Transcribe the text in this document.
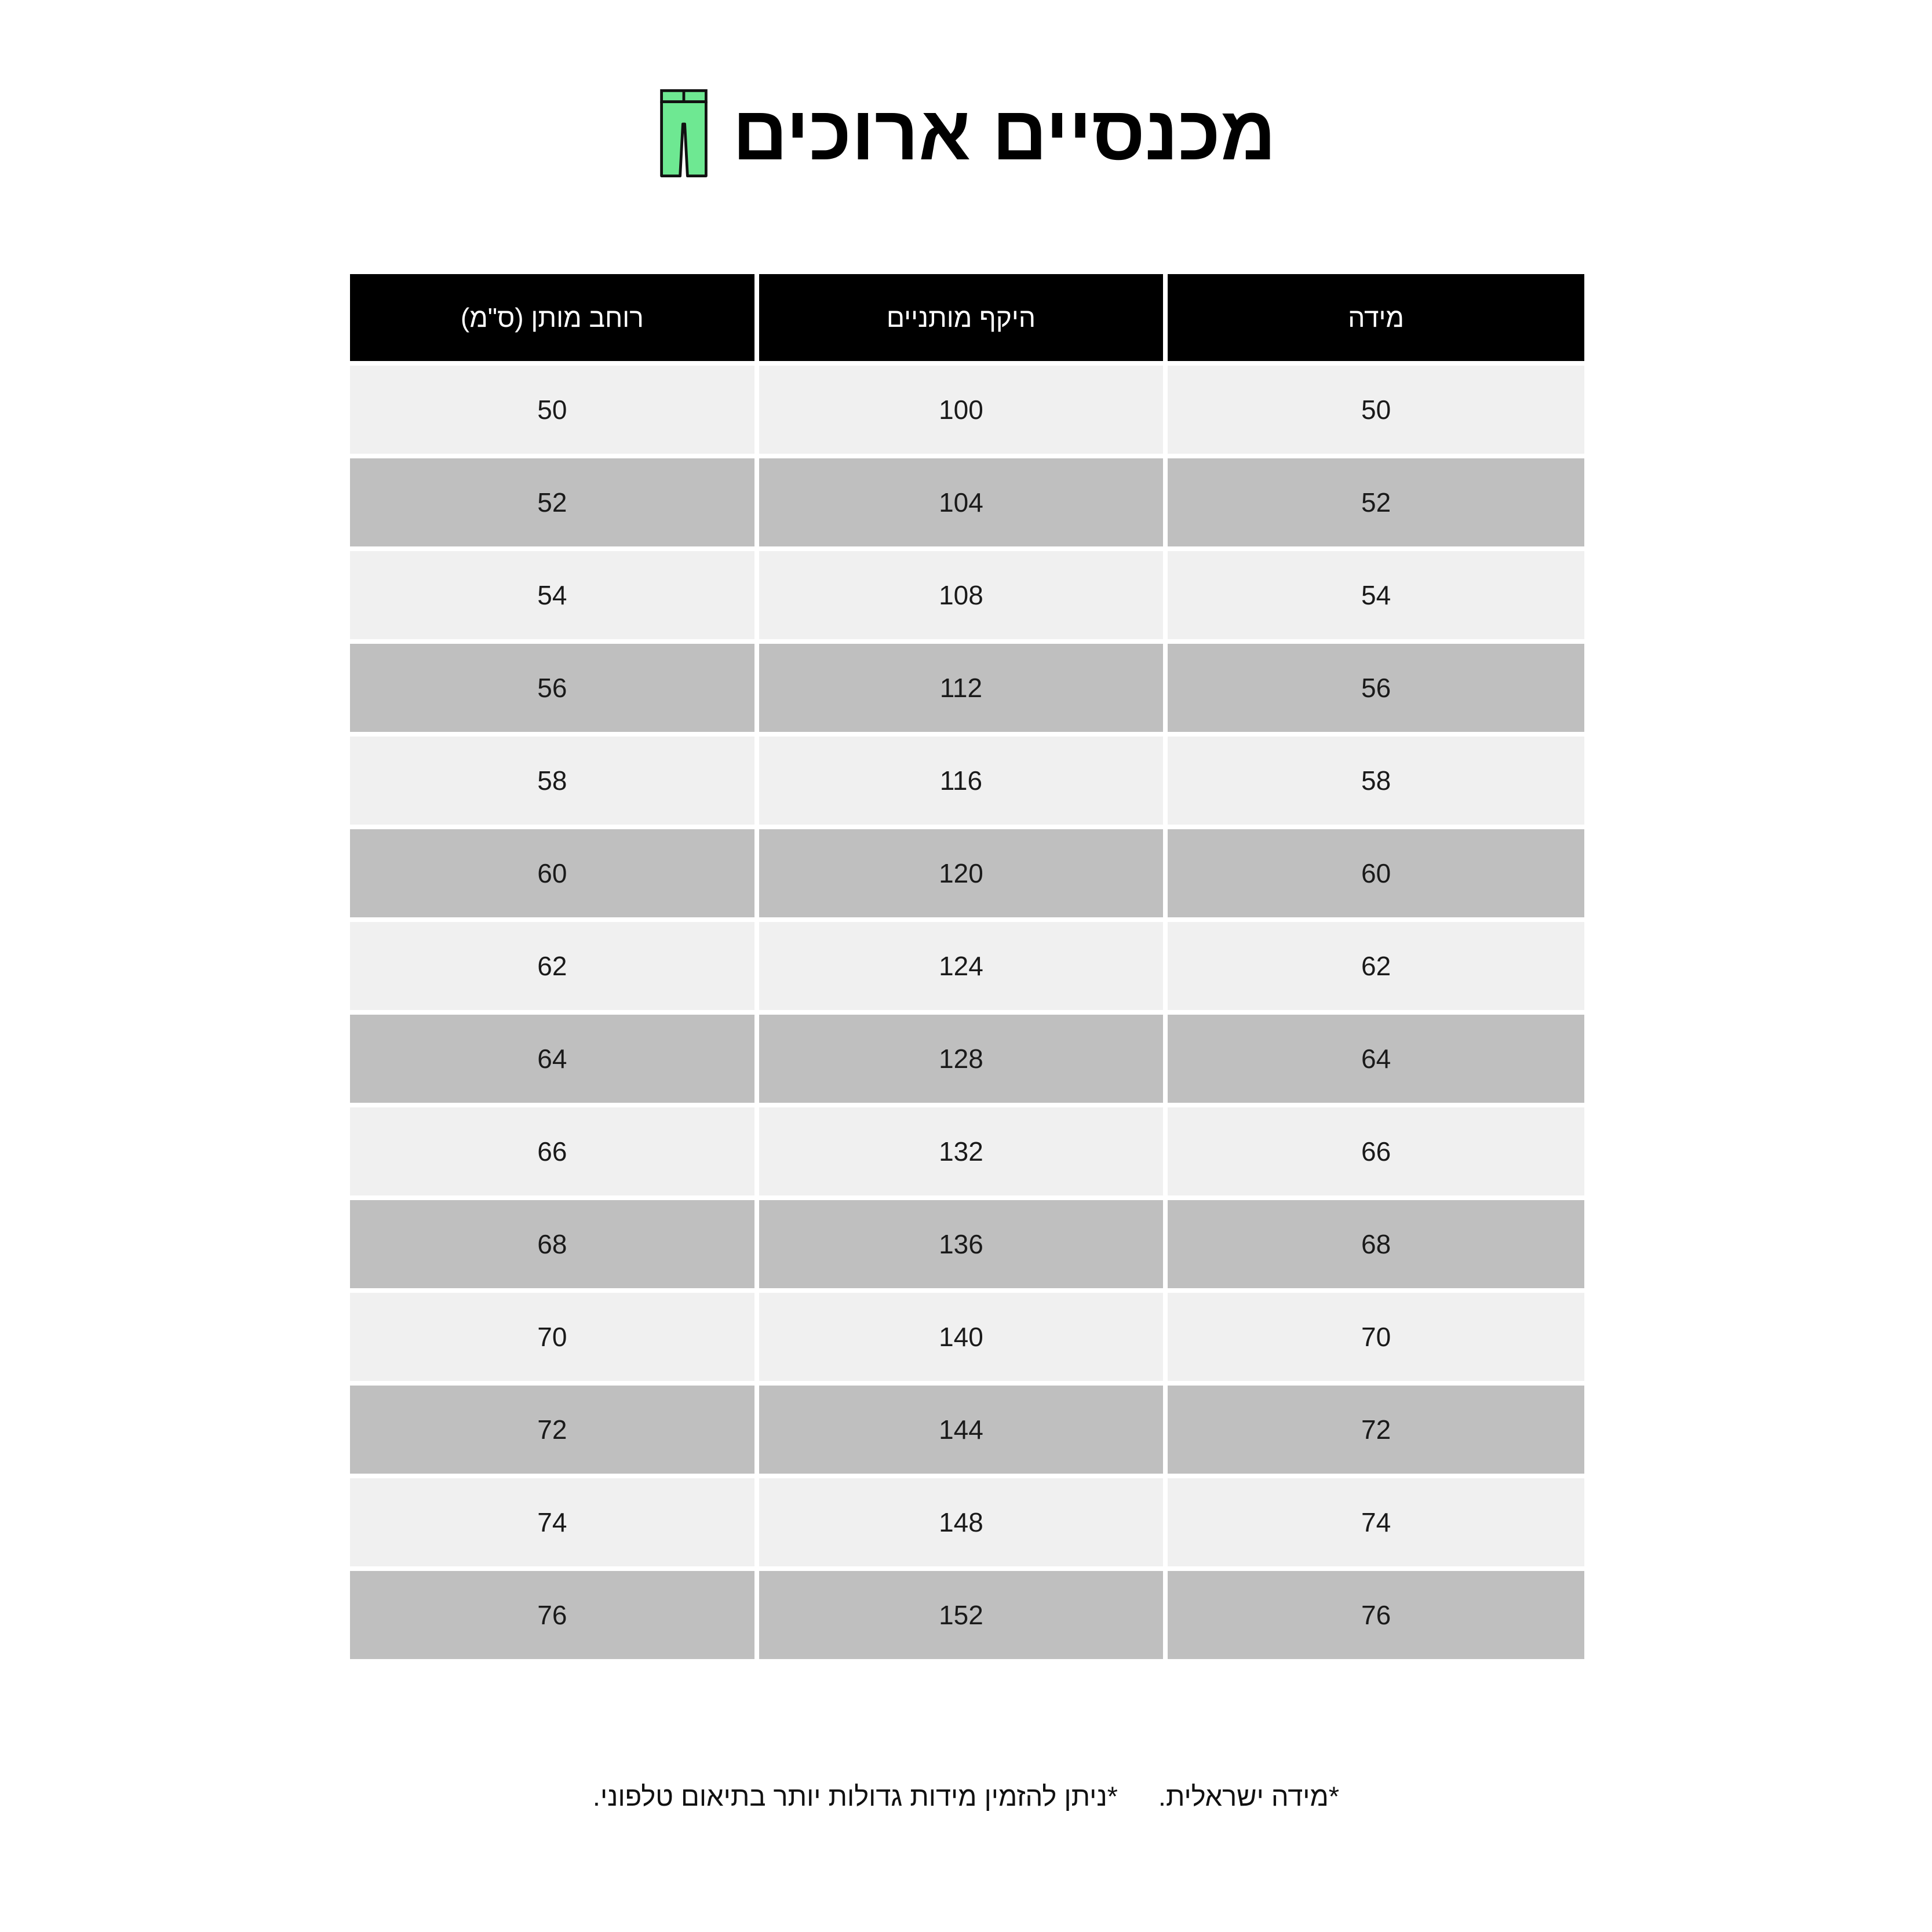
מכנסיים ארוכים
מידה	היקף מותניים	רוחב מותן (ס"מ)
50	100	50
52	104	52
54	108	54
56	112	56
58	116	58
60	120	60
62	124	62
64	128	64
66	132	66
68	136	68
70	140	70
72	144	72
74	148	74
76	152	76
*מידה ישראלית.
*ניתן להזמין מידות גדולות יותר בתיאום טלפוני.
